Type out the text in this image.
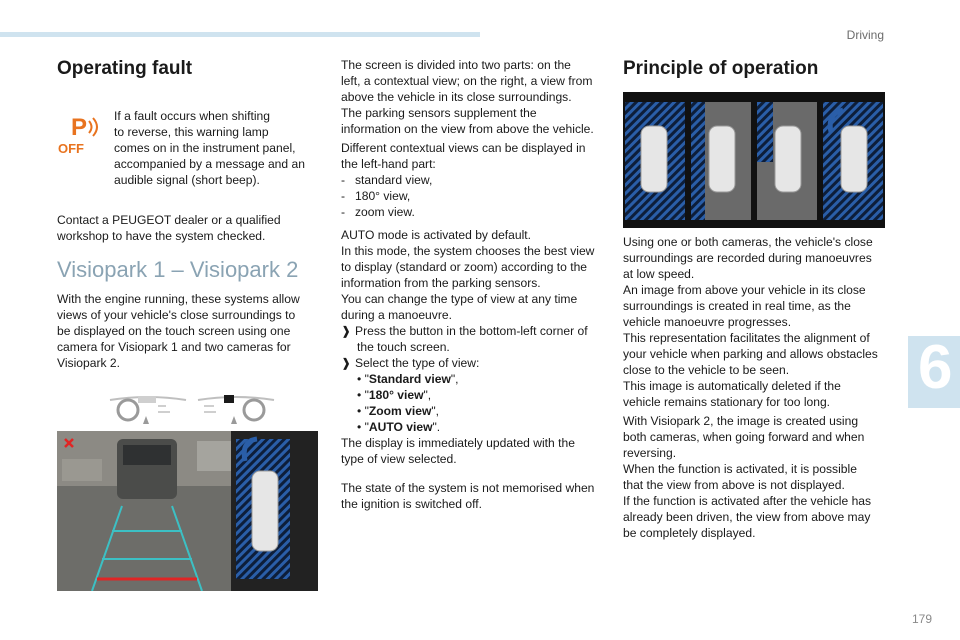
Driving
6
Operating fault
P
OFF

If a fault occurs when shifting

to reverse, this warning lamp

comes on in the instrument panel,

accompanied by a message and an

audible signal (short beep).

Contact a PEUGEOT dealer or a qualified

workshop to have the system checked.

Visiopark 1 – Visiopark 2

With the engine running, these systems allow

views of your vehicle's close surroundings to

be displayed on the touch screen using one

camera for Visiopark 1 and two cameras for

Visiopark 2.

The screen is divided into two parts: on the

left, a contextual view; on the right, a view from

above the vehicle in its close surroundings.

The parking sensors supplement the

information on the view from above the vehicle.

Different contextual views can be displayed in

the left-hand part:

- standard view,

- 180° view,

- zoom view.

AUTO mode is activated by default.

In this mode, the system chooses the best view

to display (standard or zoom) according to the

information from the parking sensors.

You can change the type of view at any time

during a manoeuvre.

❱ Press the button in the bottom-left corner of

the touch screen.

❱ Select the type of view:

• "Standard view",

• "180° view",

• "Zoom view",

• "AUTO view".

The display is immediately updated with the

type of view selected.

The state of the system is not memorised when

the ignition is switched off.

Principle of operation

Using one or both cameras, the vehicle's close

surroundings are recorded during manoeuvres

at low speed.

An image from above your vehicle in its close

surroundings is created in real time, as the

vehicle manoeuvre progresses.

This representation facilitates the alignment of

your vehicle when parking and allows obstacles

close to the vehicle to be seen.

This image is automatically deleted if the

vehicle remains stationary for too long.

With Visiopark 2, the image is created using

both cameras, when going forward and when

reversing.

When the function is activated, it is possible

that the view from above is not displayed.

If the function is activated after the vehicle has

already been driven, the view from above may

be completely displayed.

179
